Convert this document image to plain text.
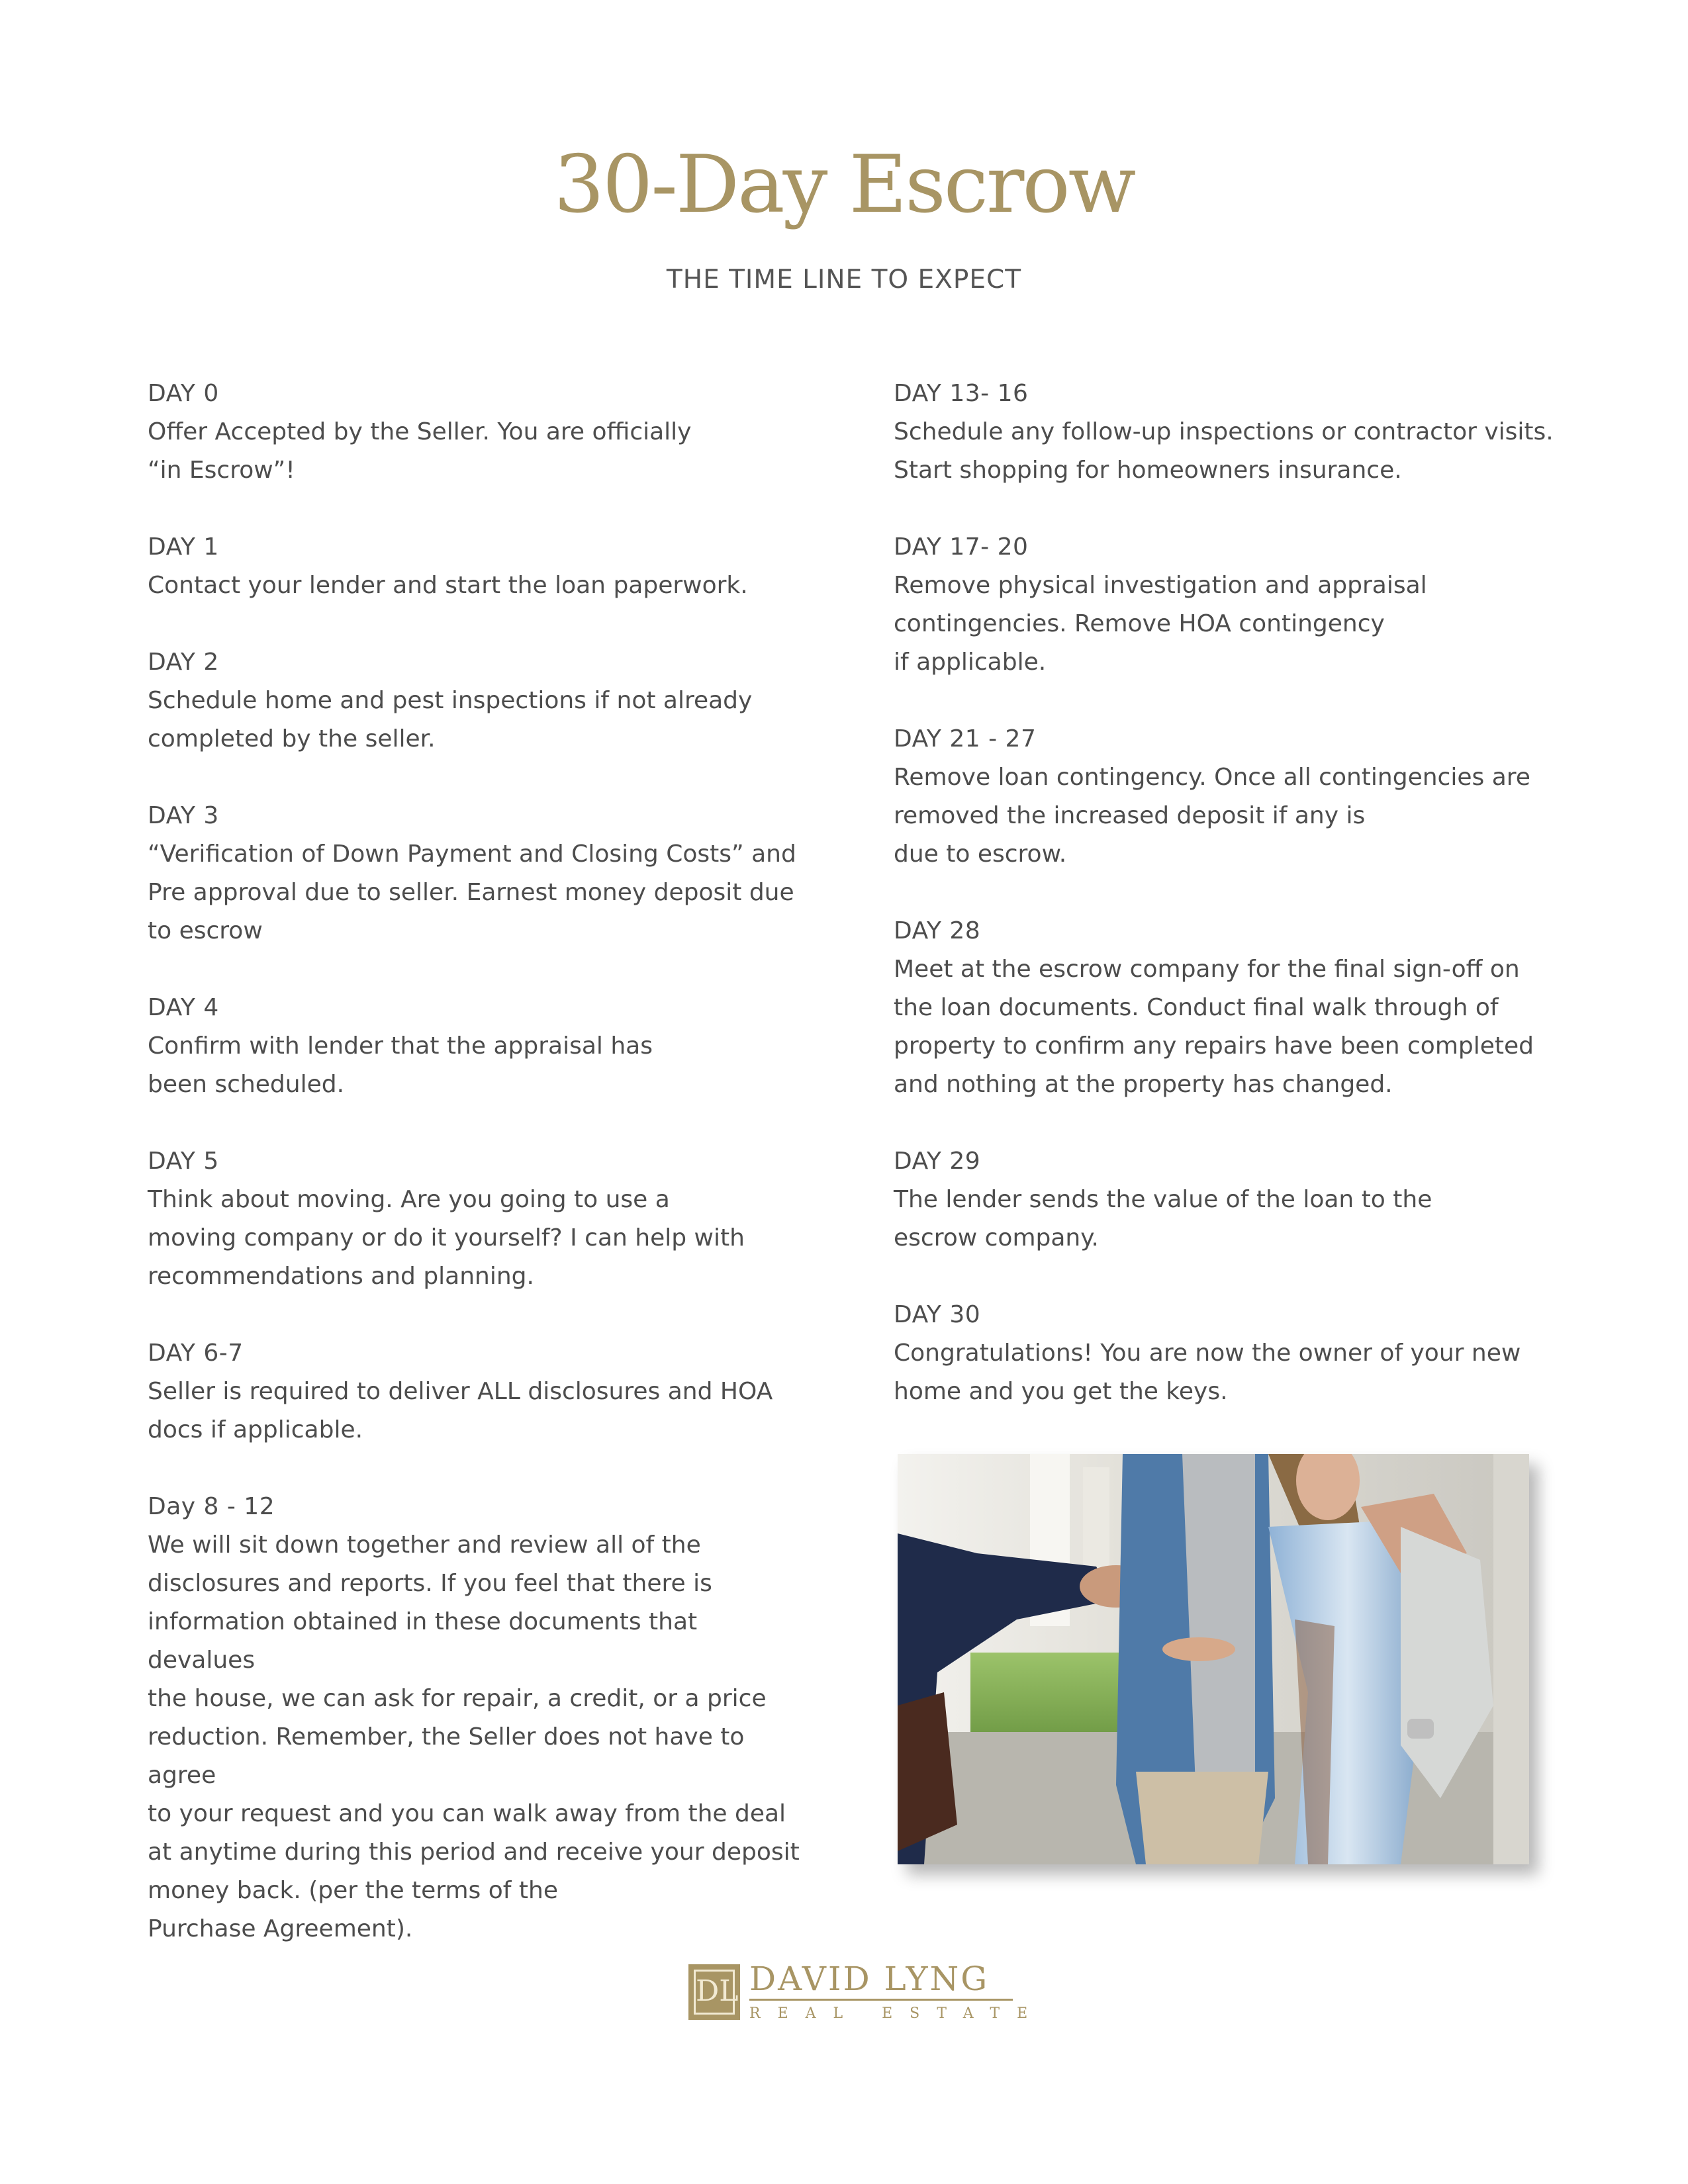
30-Day Escrow
THE TIME LINE TO EXPECT
DAY 0
Offer Accepted by the Seller. You are officially
“in Escrow”!
DAY 1
Contact your lender and start the loan paperwork.
DAY 2
Schedule home and pest inspections if not already
completed by the seller.
DAY 3
“Verification of Down Payment and Closing Costs” and
Pre approval due to seller. Earnest money deposit due
to escrow
DAY 4
Confirm with lender that the appraisal has
been scheduled.
DAY 5
Think about moving. Are you going to use a
moving company or do it yourself? I can help with
recommendations and planning.
DAY 6-7
Seller is required to deliver ALL disclosures and HOA
docs if applicable.
Day 8 - 12
We will sit down together and review all of the
disclosures and reports. If you feel that there is
information obtained in these documents that devalues
the house, we can ask for repair, a credit, or a price
reduction. Remember, the Seller does not have to agree
to your request and you can walk away from the deal
at anytime during this period and receive your deposit
money back. (per the terms of the
Purchase Agreement).
DAY 13- 16
Schedule any follow-up inspections or contractor visits.
Start shopping for homeowners insurance.
DAY 17- 20
Remove physical investigation and appraisal
contingencies. Remove HOA contingency
if applicable.
DAY 21 - 27
Remove loan contingency. Once all contingencies are
removed the increased deposit if any is
due to escrow.
DAY 28
Meet at the escrow company for the final sign-off on
the loan documents. Conduct final walk through of
property to confirm any repairs have been completed
and nothing at the property has changed.
DAY 29
The lender sends the value of the loan to the
escrow company.
DAY 30
Congratulations! You are now the owner of your new
home and you get the keys.
DL DAVID LYNG
REAL ESTATE
